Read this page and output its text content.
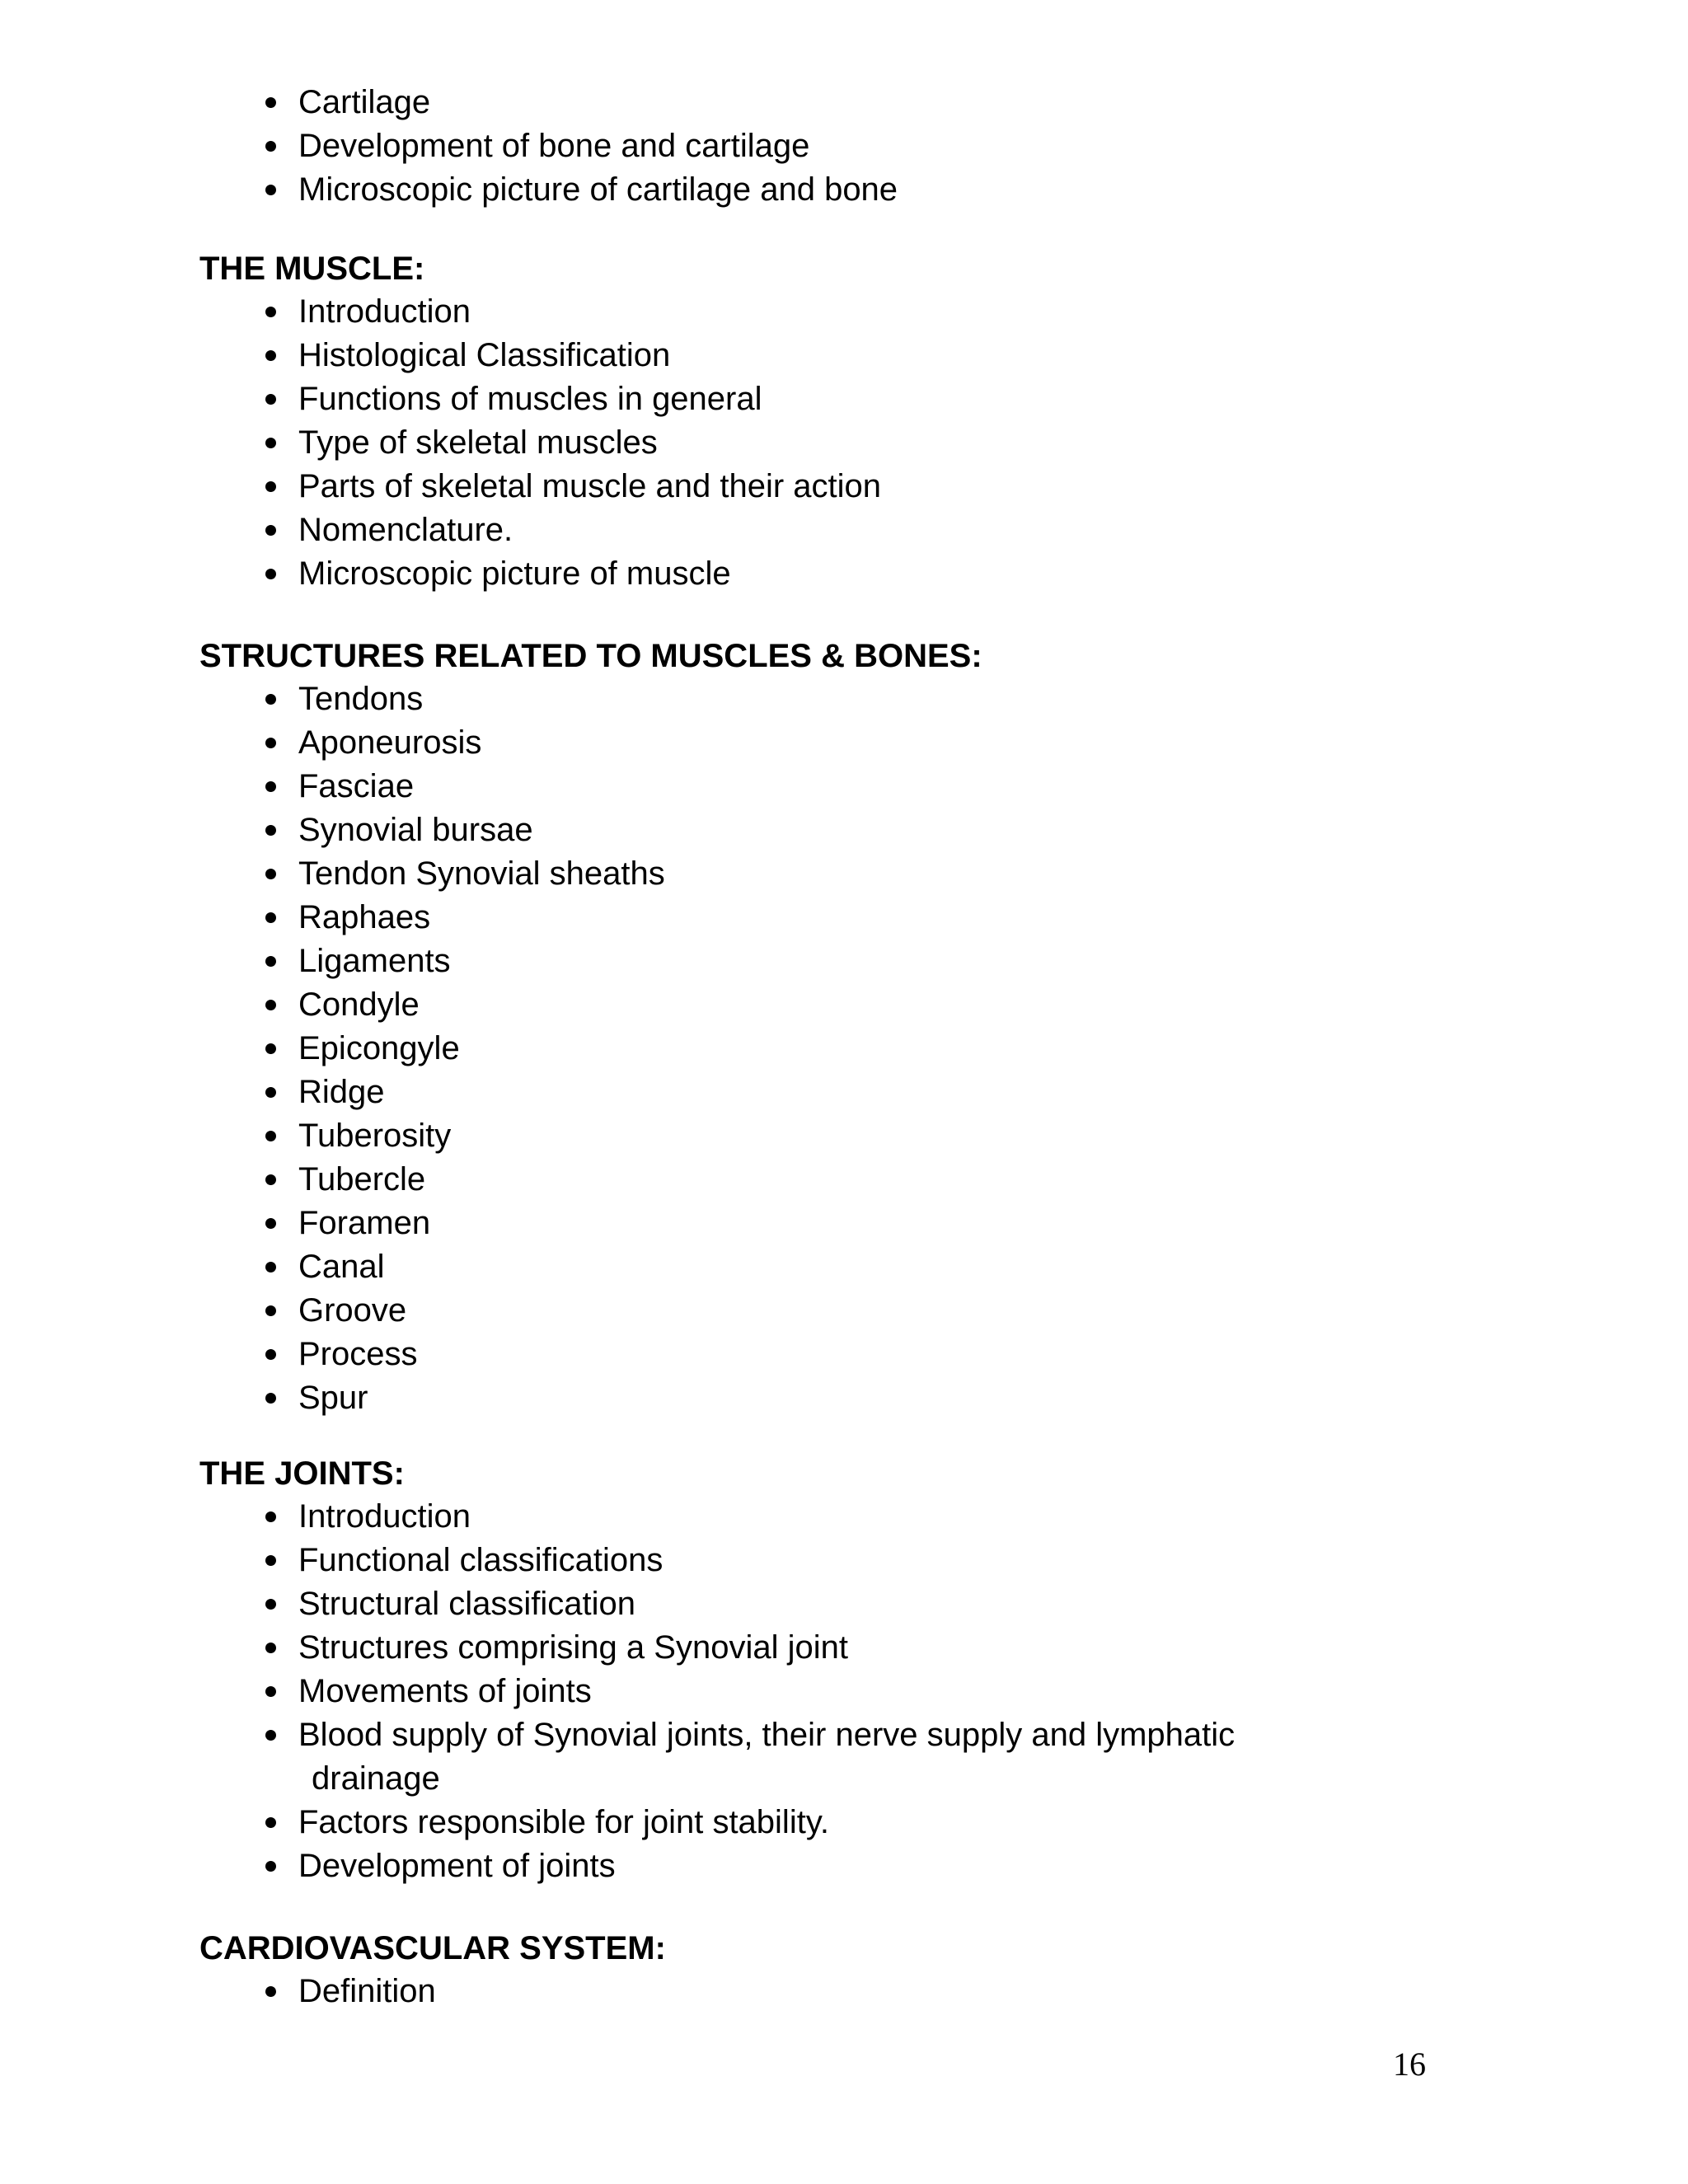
Cartilage
Development of bone and cartilage
Microscopic picture of cartilage and bone
THE MUSCLE:
Introduction
Histological Classification
Functions of muscles in general
Type of skeletal muscles
Parts of skeletal muscle and their action
Nomenclature.
Microscopic picture of muscle
STRUCTURES RELATED TO MUSCLES & BONES:
Tendons
Aponeurosis
Fasciae
Synovial bursae
Tendon Synovial sheaths
Raphaes
Ligaments
Condyle
Epicongyle
Ridge
Tuberosity
Tubercle
Foramen
Canal
Groove
Process
Spur
THE JOINTS:
Introduction
Functional classifications
Structural classification
Structures comprising a Synovial joint
Movements of joints
Blood supply of Synovial joints, their nerve supply and lymphatic
drainage
Factors responsible for joint stability.
Development of joints
CARDIOVASCULAR SYSTEM:
Definition
16
